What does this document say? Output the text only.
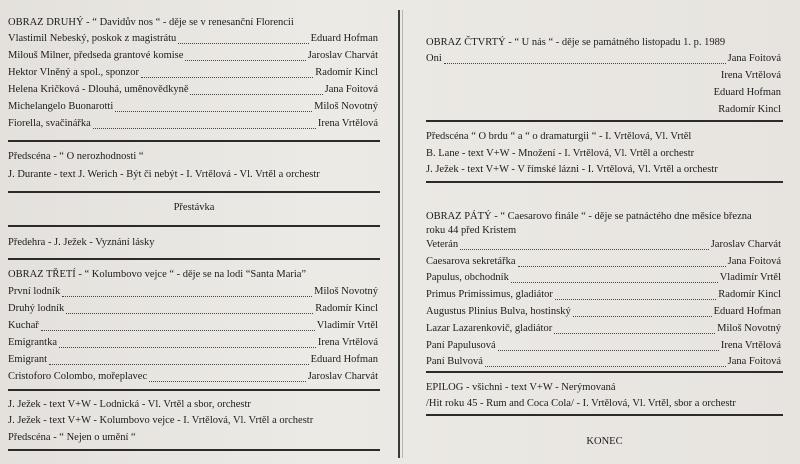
OBRAZ DRUHÝ - “ Davidův nos “ - děje se v renesanční Florencii
Vlastimil Nebeský, poskok z magistrátu	Eduard Hofman
Milouš Milner, předseda grantové komise	Jaroslav Charvát
Hektor Vlněný a spol., sponzor	Radomír Kincl
Helena Kričková - Dlouhá, uměnovědkyně	Jana Foitová
Michelangelo Buonarotti	Miloš Novotný
Fiorella, svačinářka	Irena Vrtělová
Předscéna - “ O nerozhodnosti “
J. Durante - text J. Werich - Být či nebýt - I. Vrtělová - Vl. Vrtěl a orchestr
Přestávka
Předehra - J. Ježek - Vyznání lásky
OBRAZ TŘETÍ - “ Kolumbovo vejce “ - děje se na lodi “Santa Maria”
První lodník	Miloš Novotný
Druhý lodník	Radomír Kincl
Kuchař	Vladimír Vrtěl
Emigrantka	Irena Vrtělová
Emigrant	Eduard Hofman
Cristoforo Colombo, mořeplavec	Jaroslav Charvát
J. Ježek - text V+W - Lodnická - Vl. Vrtěl a sbor, orchestr
J. Ježek - text V+W - Kolumbovo vejce - I. Vrtělová, Vl. Vrtěl a orchestr
Předscéna - “ Nejen o umění “
OBRAZ ČTVRTÝ - “ U nás “ - děje se památného listopadu 1. p. 1989
Oni	Jana Foitová
Irena Vrtělová
Eduard Hofman
Radomír Kincl
Předscéna “ O brdu “ a “ o dramaturgii “ - I. Vrtělová, Vl. Vrtěl
B. Lane - text V+W - Množení - I. Vrtělová, Vl. Vrtěl a orchestr
J. Ježek - text V+W - V římské lázni - I. Vrtělová, Vl. Vrtěl a orchestr
OBRAZ PÁTÝ - “ Caesarovo finále “ - děje se patnáctého dne měsíce března
roku 44 před Kristem
Veterán	Jaroslav Charvát
Caesarova sekretářka	Jana Foitová
Papulus, obchodník	Vladimír Vrtěl
Primus Primissimus, gladiátor	Radomír Kincl
Augustus Plinius Bulva, hostinský	Eduard Hofman
Lazar Lazarenkovič, gladiátor	Miloš Novotný
Paní Papulusová	Irena Vrtělová
Paní Bulvová	Jana Foitová
EPILOG - všichni - text V+W - Nerýmovaná
/Hit roku 45 - Rum and Coca Cola/ - I. Vrtělová, Vl. Vrtěl, sbor a orchestr
KONEC
